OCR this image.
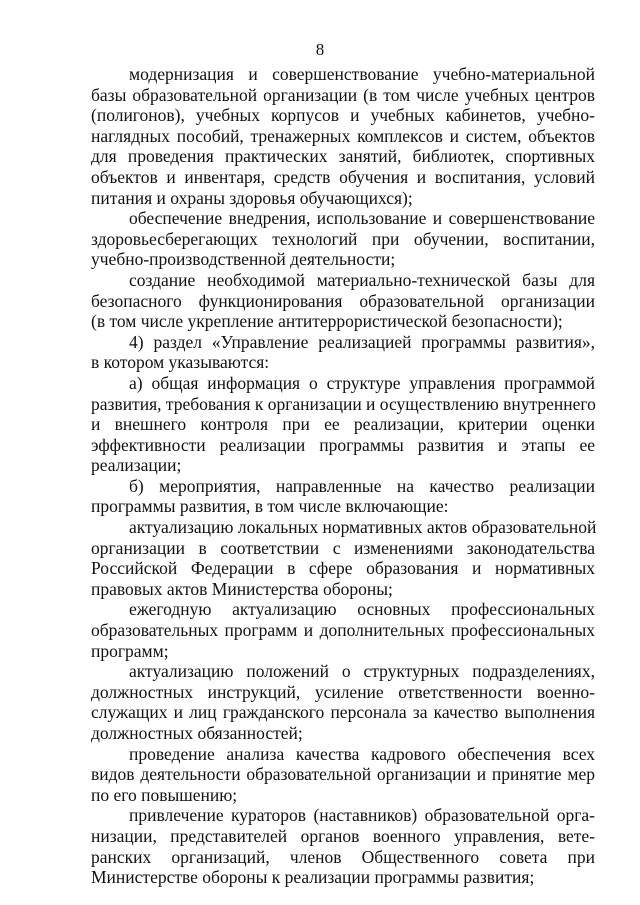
8
модернизация и совершенствование учебно-материальной
базы образовательной организации (в том числе учебных центров
(полигонов), учебных корпусов и учебных кабинетов, учебно-
наглядных пособий, тренажерных комплексов и систем, объектов
для проведения практических занятий, библиотек, спортивных
объектов и инвентаря, средств обучения и воспитания, условий
питания и охраны здоровья обучающихся);
обеспечение внедрения, использование и совершенствование
здоровьесберегающих технологий при обучении, воспитании,
учебно-производственной деятельности;
создание необходимой материально-технической базы для
безопасного функционирования образовательной организации
(в том числе укрепление антитеррористической безопасности);
4) раздел «Управление реализацией программы развития»,
в котором указываются:
а) общая информация о структуре управления программой
развития, требования к организации и осуществлению внутреннего
и внешнего контроля при ее реализации, критерии оценки
эффективности реализации программы развития и этапы ее
реализации;
б) мероприятия, направленные на качество реализации
программы развития, в том числе включающие:
актуализацию локальных нормативных актов образовательной
организации в соответствии с изменениями законодательства
Российской Федерации в сфере образования и нормативных
правовых актов Министерства обороны;
ежегодную актуализацию основных профессиональных
образовательных программ и дополнительных профессиональных
программ;
актуализацию положений о структурных подразделениях,
должностных инструкций, усиление ответственности военно-
служащих и лиц гражданского персонала за качество выполнения
должностных обязанностей;
проведение анализа качества кадрового обеспечения всех
видов деятельности образовательной организации и принятие мер
по его повышению;
привлечение кураторов (наставников) образовательной орга-
низации, представителей органов военного управления, вете-
ранских организаций, членов Общественного совета при
Министерстве обороны к реализации программы развития;
